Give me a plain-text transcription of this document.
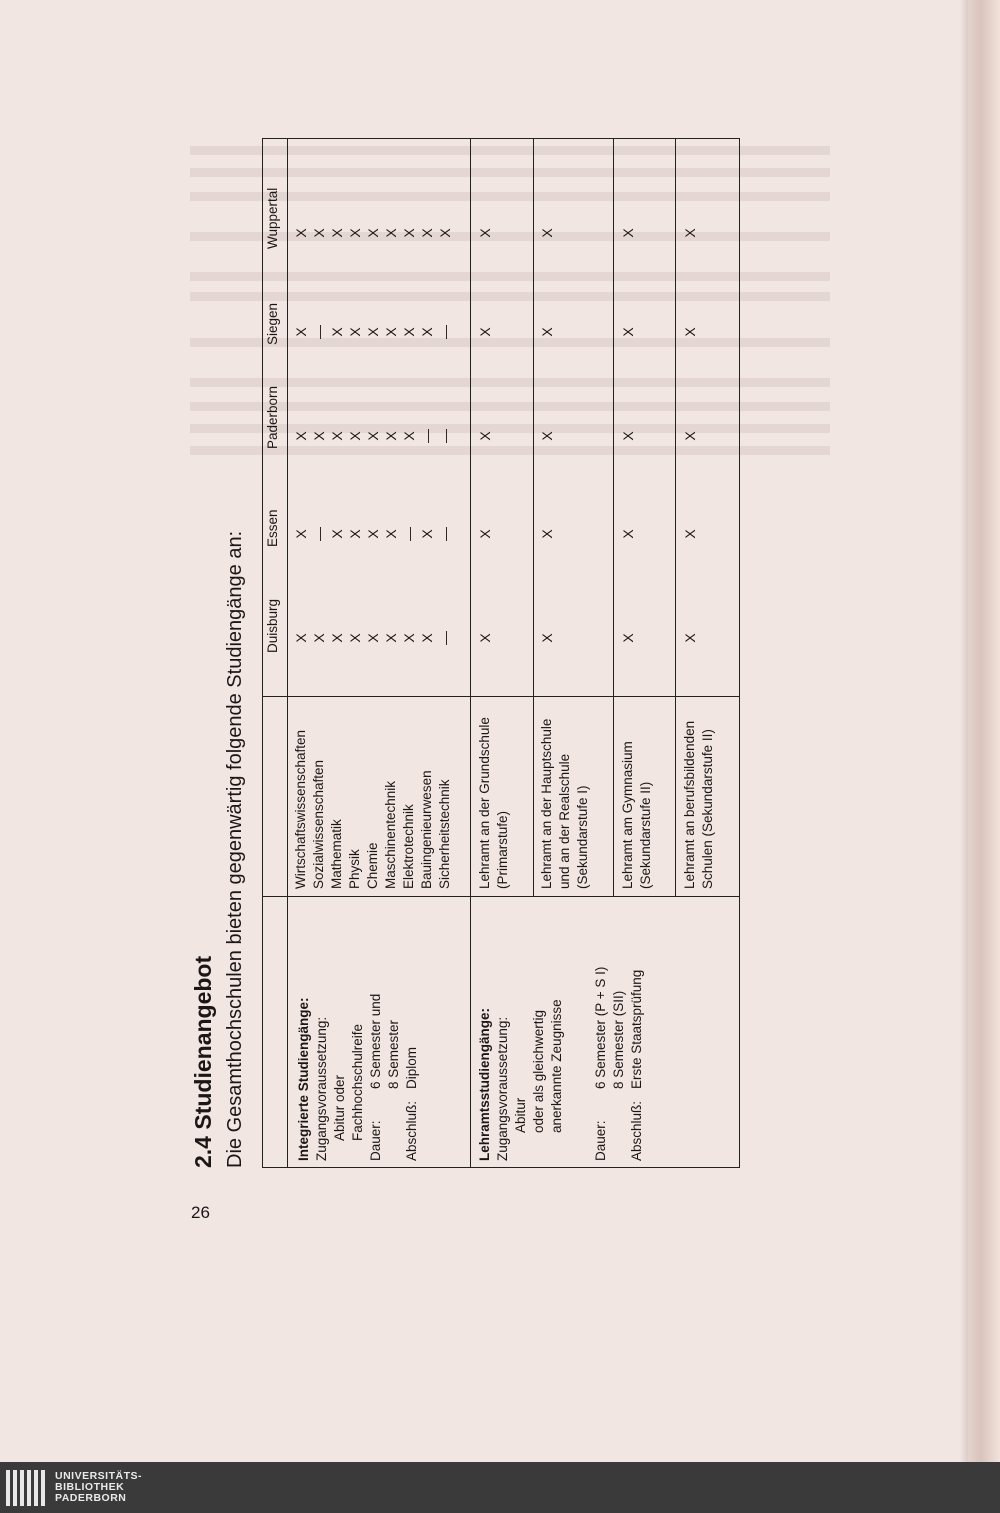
26
2.4 Studienangebot Die Gesamthochschulen bieten gegenwärtig folgende Studiengänge an: Duisburg
Essen
Paderborn
Siegen
Wuppertal
Integrierte Studiengänge: Zugangsvoraussetzung: Abitur oder Fachhochschulreife Dauer:
6 Semester und 8 Semester
Abschluß:
Diplom
Wirtschaftswissenschaften Sozialwissenschaften Mathematik Physik Chemie Maschinentechnik Elektrotechnik Bauingenieurwesen Sicherheitstechnik
Lehramtsstudiengänge: Zugangsvoraussetzung: Abitur oder als gleichwertig anerkannte Zeugnisse
Dauer:
6 Semester (P + S I) 8 Semester (SII)
Abschluß:
Erste Staatsprüfung
Lehramt an der Grundschule (Primarstufe) Lehramt an der Hauptschule und an der Realschule (Sekundarstufe I) Lehramt am Gymnasium (Sekundarstufe II) Lehramt an berufsbildenden Schulen (Sekundarstufe II)
X
X
X
X
X
X
—
X
—
X
X
X
X
X
X
X
X
X
X
X
X
X
X
X
X
X
X
X
X
X
X
—
X
X
X
X
X
—
X
X
—
—
—
—
X
X
X
X
X
X
X
X
X
X
X
X
X
X
X
X
X
X
X
X
X
UNIVERSITÄTS-
BIBLIOTHEK
PADERBORN
